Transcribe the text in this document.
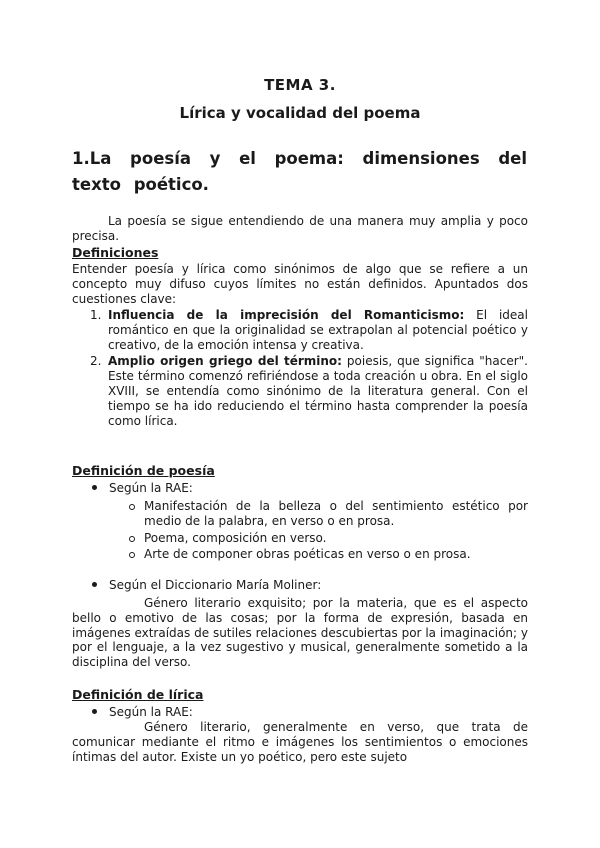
TEMA 3.
Lírica y vocalidad del poema
1.La poesía y el poema: dimensiones del texto poético.
La poesía se sigue entendiendo de una manera muy amplia y poco precisa.
Definiciones
Entender poesía y lírica como sinónimos de algo que se refiere a un concepto muy difuso cuyos límites no están definidos. Apuntados dos cuestiones clave:
1. Influencia de la imprecisión del Romanticismo: El ideal romántico en que la originalidad se extrapolan al potencial poético y creativo, de la emoción intensa y creativa.
2. Amplio origen griego del término: poiesis, que significa "hacer". Este término comenzó refiriéndose a toda creación u obra. En el siglo XVIII, se entendía como sinónimo de la literatura general. Con el tiempo se ha ido reduciendo el término hasta comprender la poesía como lírica.
Definición de poesía
Según la RAE:
Manifestación de la belleza o del sentimiento estético por medio de la palabra, en verso o en prosa.
Poema, composición en verso.
Arte de componer obras poéticas en verso o en prosa.
Según el Diccionario María Moliner:
Género literario exquisito; por la materia, que es el aspecto bello o emotivo de las cosas; por la forma de expresión, basada en imágenes extraídas de sutiles relaciones descubiertas por la imaginación; y por el lenguaje, a la vez sugestivo y musical, generalmente sometido a la disciplina del verso.
Definición de lírica
Según la RAE:
Género literario, generalmente en verso, que trata de comunicar mediante el ritmo e imágenes los sentimientos o emociones íntimas del autor. Existe un yo poético, pero este sujeto
